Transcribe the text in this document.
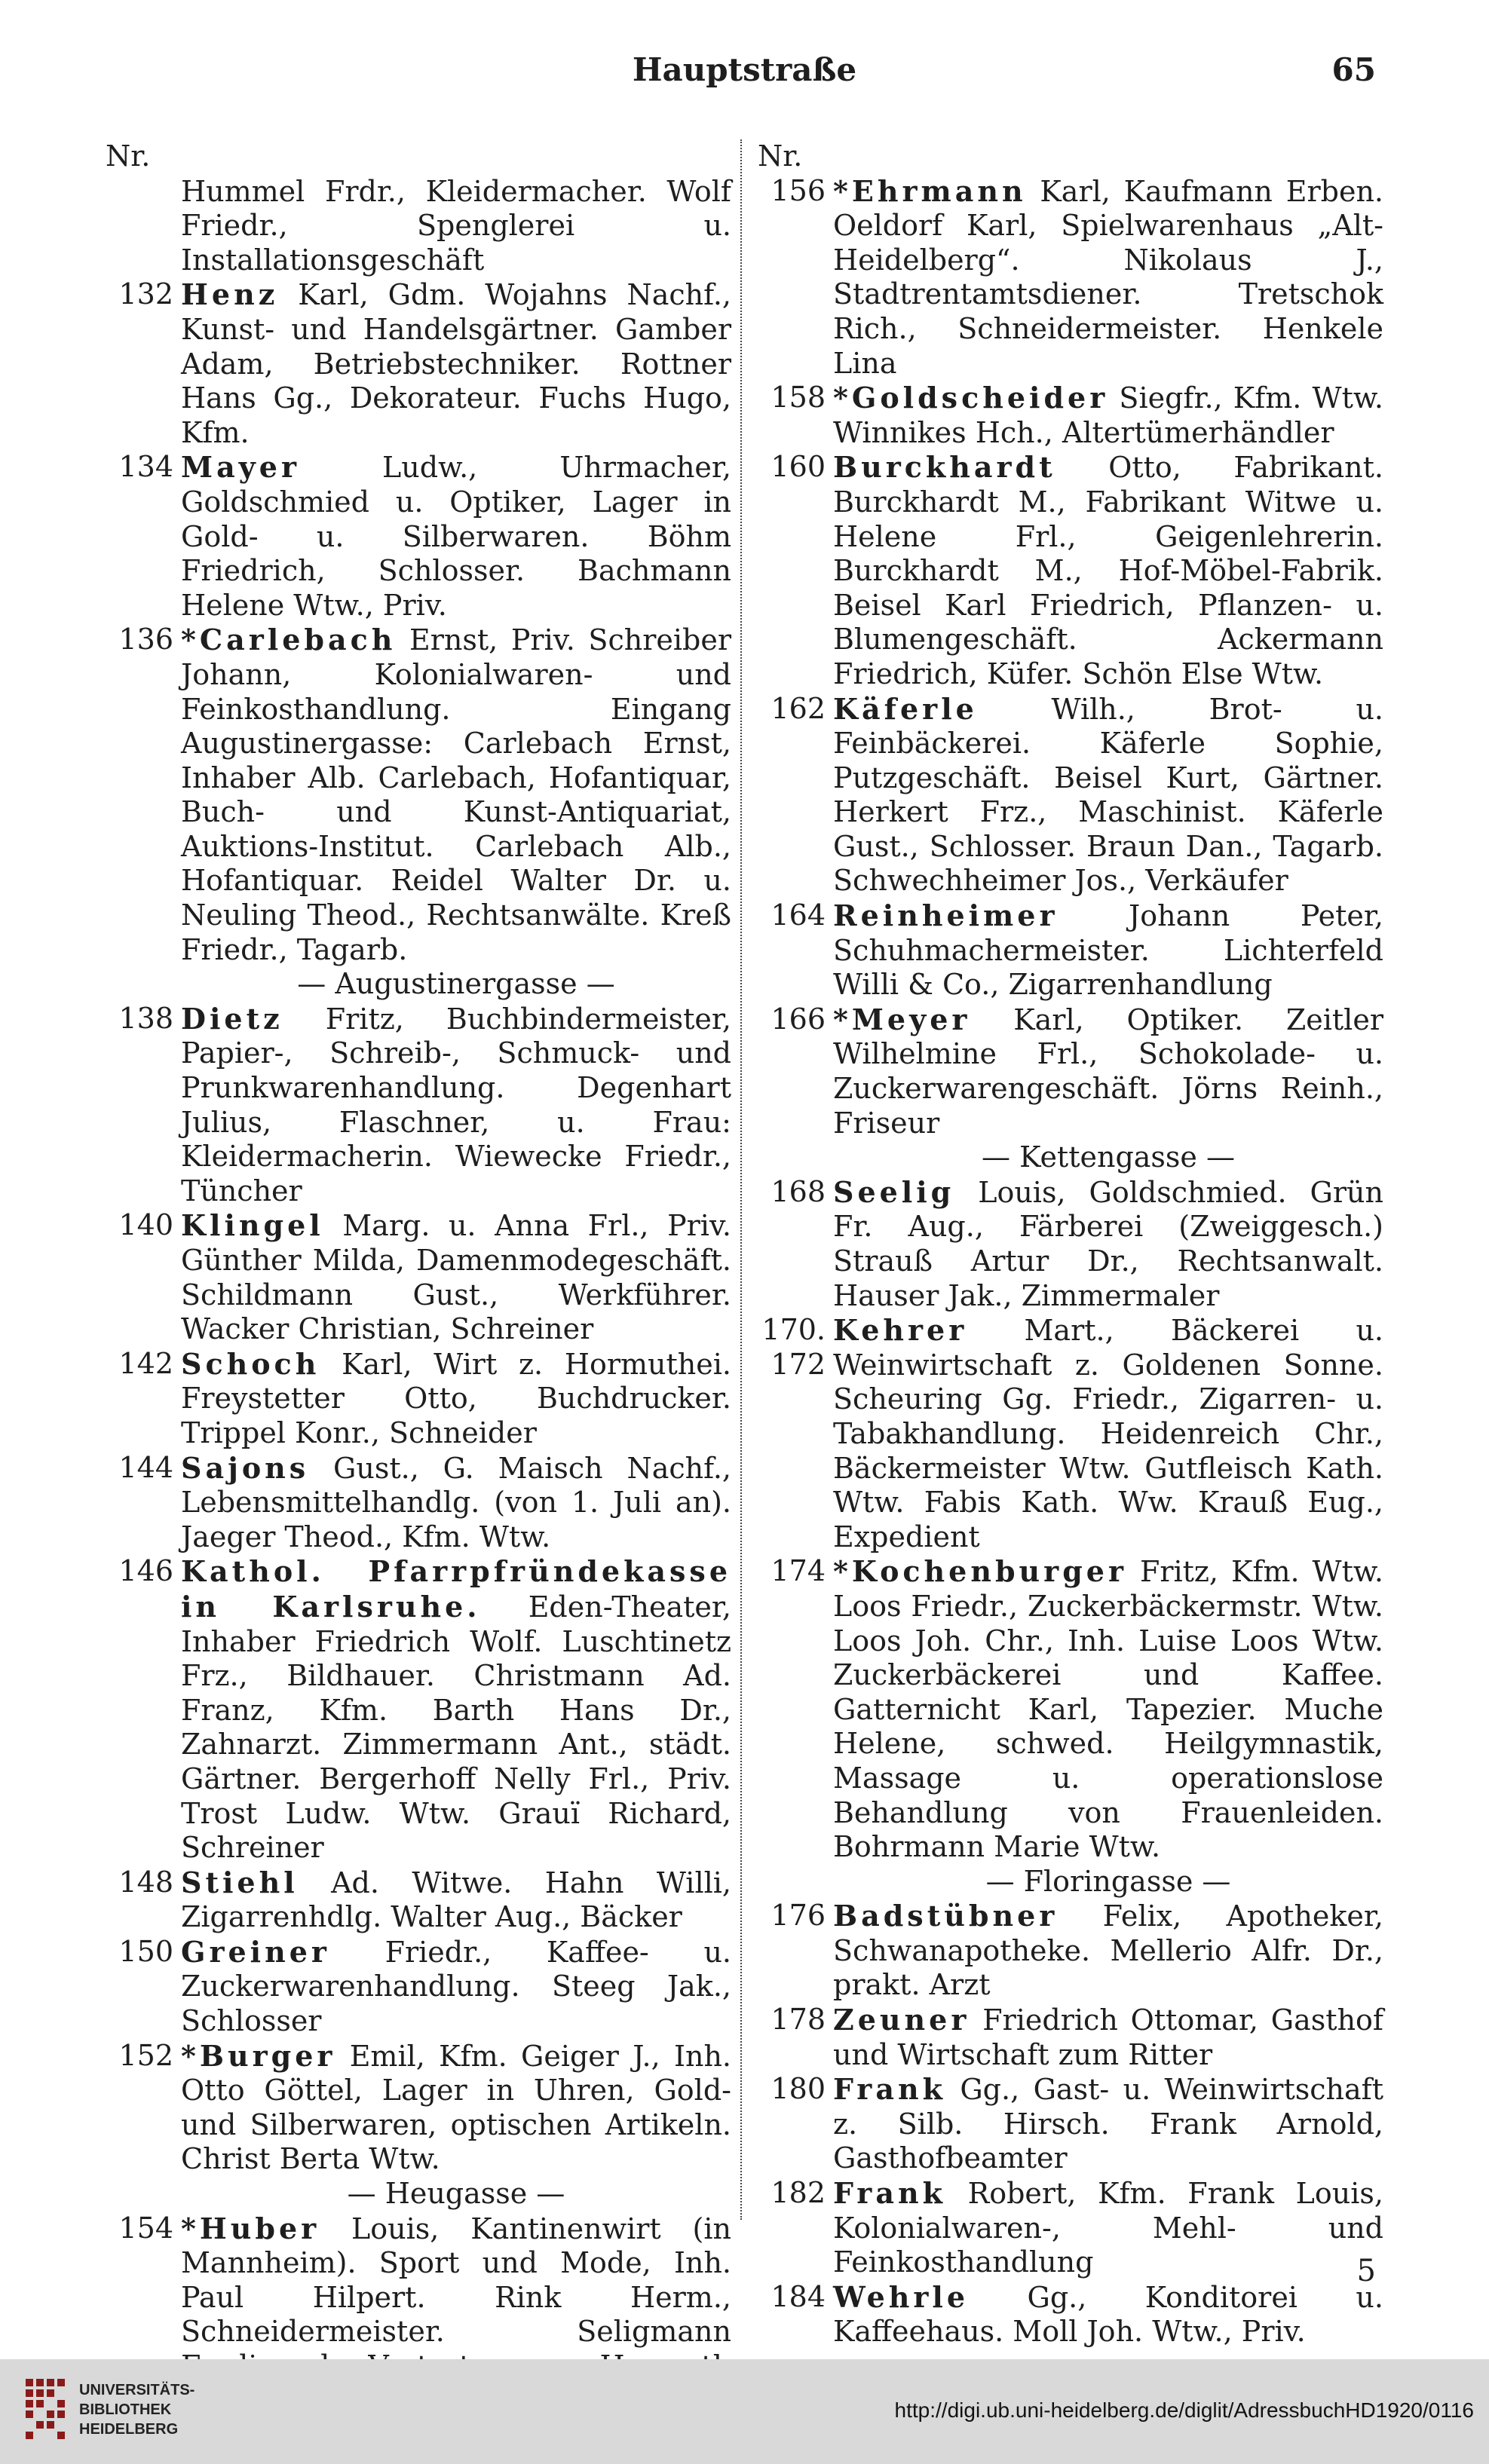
Hauptstraße	65
Nr.
Hummel Frdr., Kleidermacher. Wolf Friedr., Spenglerei u. Installationsgeschäft
132 Henz Karl, Gdm. Wojahns Nachf., Kunst- und Handelsgärtner. Gamber Adam, Betriebstechniker. Rottner Hans Gg., Dekorateur. Fuchs Hugo, Kfm.
134 Mayer Ludw., Uhrmacher, Goldschmied u. Optiker, Lager in Gold- u. Silberwaren. Böhm Friedrich, Schlosser. Bachmann Helene Wtw., Priv.
136 *Carlebach Ernst, Priv. Schreiber Johann, Kolonialwaren- und Feinkosthandlung. Eingang Augustinergasse: Carlebach Ernst, Inhaber Alb. Carlebach, Hofantiquar, Buch- und Kunst-Antiquariat, Auktions-Institut. Carlebach Alb., Hofantiquar. Reidel Walter Dr. u. Neuling Theod., Rechtsanwälte. Kreß Friedr., Tagarb.
— Augustinergasse —
138 Dietz Fritz, Buchbindermeister, Papier-, Schreib-, Schmuck- und Prunkwarenhandlung. Degenhart Julius, Flaschner, u. Frau: Kleidermacherin. Wiewecke Friedr., Tüncher
140 Klingel Marg. u. Anna Frl., Priv. Günther Milda, Damenmodegeschäft. Schildmann Gust., Werkführer. Wacker Christian, Schreiner
142 Schoch Karl, Wirt z. Hormuthei. Freystetter Otto, Buchdrucker. Trippel Konr., Schneider
144 Sajons Gust., G. Maisch Nachf., Lebensmittelhandlg. (von 1. Juli an). Jaeger Theod., Kfm. Wtw.
146 Kathol. Pfarrpfründekasse in Karlsruhe. Eden-Theater, Inhaber Friedrich Wolf. Luschtinetz Frz., Bildhauer. Christmann Ad. Franz, Kfm. Barth Hans Dr., Zahnarzt. Zimmermann Ant., städt. Gärtner. Bergerhoff Nelly Frl., Priv. Trost Ludw. Wtw. Grauï Richard, Schreiner
148 Stiehl Ad. Witwe. Hahn Willi, Zigarrenhdlg. Walter Aug., Bäcker
150 Greiner Friedr., Kaffee- u. Zuckerwarenhandlung. Steeg Jak., Schlosser
152 *Burger Emil, Kfm. Geiger J., Inh. Otto Göttel, Lager in Uhren, Gold- und Silberwaren, optischen Artikeln. Christ Berta Wtw.
— Heugasse —
154 *Huber Louis, Kantinenwirt (in Mannheim). Sport und Mode, Inh. Paul Hilpert. Rink Herm., Schneidermeister. Seligmann
Nr.
156 *Ehrmann Karl, Kaufmann Erben. Oeldorf Karl, Spielwarenhaus „Alt-Heidelberg“. Nikolaus J., Stadtrentamtsdiener. Tretschok Rich., Schneidermeister. Henkele Lina
158 *Goldscheider Siegfr., Kfm. Wtw. Winnikes Hch., Altertümerhändler
160 Burckhardt Otto, Fabrikant. Burckhardt M., Fabrikant Witwe u. Helene Frl., Geigenlehrerin. Burckhardt M., Hof-Möbel-Fabrik. Beisel Karl Friedrich, Pflanzen- u. Blumengeschäft. Ackermann Friedrich, Küfer. Schön Else Wtw.
162 Käferle Wilh., Brot- u. Feinbäckerei. Käferle Sophie, Putzgeschäft. Beisel Kurt, Gärtner. Herkert Frz., Maschinist. Käferle Gust., Schlosser. Braun Dan., Tagarb. Schwechheimer Jos., Verkäufer
164 Reinheimer Johann Peter, Schuhmachermeister. Lichterfeld Willi & Co., Zigarrenhandlung
166 *Meyer Karl, Optiker. Zeitler Wilhelmine Frl., Schokolade- u. Zuckerwarengeschäft. Jörns Reinh., Friseur
— Kettengasse —
168 Seelig Louis, Goldschmied. Grün Fr. Aug., Färberei (Zweiggesch.) Strauß Artur Dr., Rechtsanwalt. Hauser Jak., Zimmermaler
170. 172
Kehrer Mart., Bäckerei u. Weinwirtschaft z. Goldenen Sonne. Scheuring Gg. Friedr., Zigarren- u. Tabakhandlung. Heidenreich Chr., Bäckermeister Wtw. Gutfleisch Kath. Wtw. Fabis Kath. Ww. Krauß Eug., Expedient
174 *Kochenburger Fritz, Kfm. Wtw. Loos Friedr., Zuckerbäckermstr. Wtw. Loos Joh. Chr., Inh. Luise Loos Wtw. Zuckerbäckerei und Kaffee. Gatternicht Karl, Tapezier. Muche Helene, schwed. Heilgymnastik, Massage u. operationslose Behandlung von Frauenleiden. Bohrmann Marie Wtw.
— Floringasse —
176 Badstübner Felix, Apotheker, Schwanapotheke. Mellerio Alfr. Dr., prakt. Arzt
178 Zeuner Friedrich Ottomar, Gasthof und Wirtschaft zum Ritter
180 Frank Gg., Gast- u. Weinwirtschaft z. Silb. Hirsch. Frank Arnold, Gasthofbeamter
182 Frank Robert, Kfm. Frank Louis, Kolonialwaren-, Mehl- und Feinkosthandlung
184 Wehrle Gg., Konditorei u. Kaffeehaus. Moll Joh. Wtw., Priv.
5
UNIVERSITÄTS-
BIBLIOTHEK
HEIDELBERG
http://digi.ub.uni-heidelberg.de/diglit/AdressbuchHD1920/0116
